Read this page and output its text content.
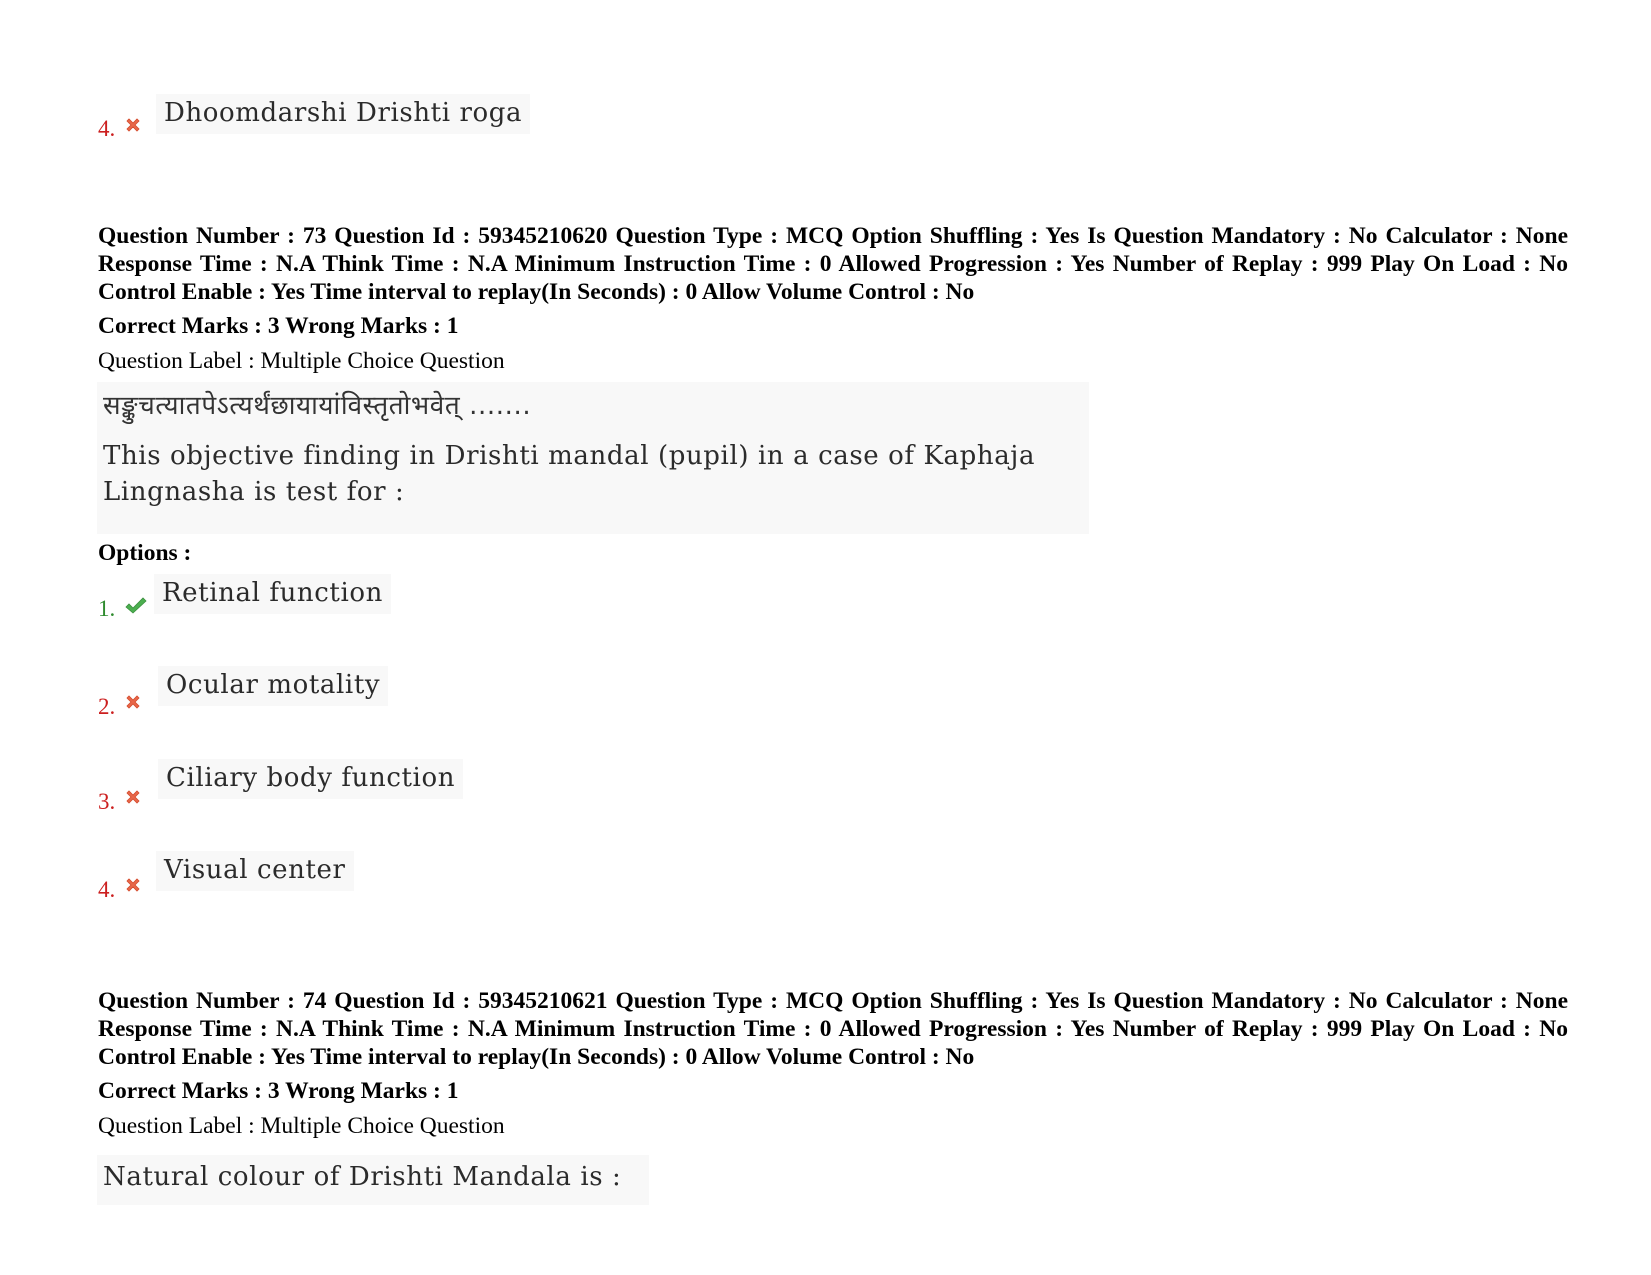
4.
Dhoomdarshi Drishti roga
Question Number : 73 Question Id : 59345210620 Question Type : MCQ Option Shuffling : Yes Is Question Mandatory : No Calculator : None Response Time : N.A Think Time : N.A Minimum Instruction Time : 0 Allowed Progression : Yes Number of Replay : 999 Play On Load : No Control Enable : Yes Time interval to replay(In Seconds) : 0 Allow Volume Control : No
Correct Marks : 3 Wrong Marks : 1
Question Label : Multiple Choice Question
सङ्कुचत्यातपेऽत्यर्थंछायायांविस्तृतोभवेत् .......
This objective finding in Drishti mandal (pupil) in a case of Kaphaja
Lingnasha is test for :
Options :
1.
Retinal function
2.
Ocular motality
3.
Ciliary body function
4.
Visual center
Question Number : 74 Question Id : 59345210621 Question Type : MCQ Option Shuffling : Yes Is Question Mandatory : No Calculator : None Response Time : N.A Think Time : N.A Minimum Instruction Time : 0 Allowed Progression : Yes Number of Replay : 999 Play On Load : No Control Enable : Yes Time interval to replay(In Seconds) : 0 Allow Volume Control : No
Correct Marks : 3 Wrong Marks : 1
Question Label : Multiple Choice Question
Natural colour of Drishti Mandala is :
